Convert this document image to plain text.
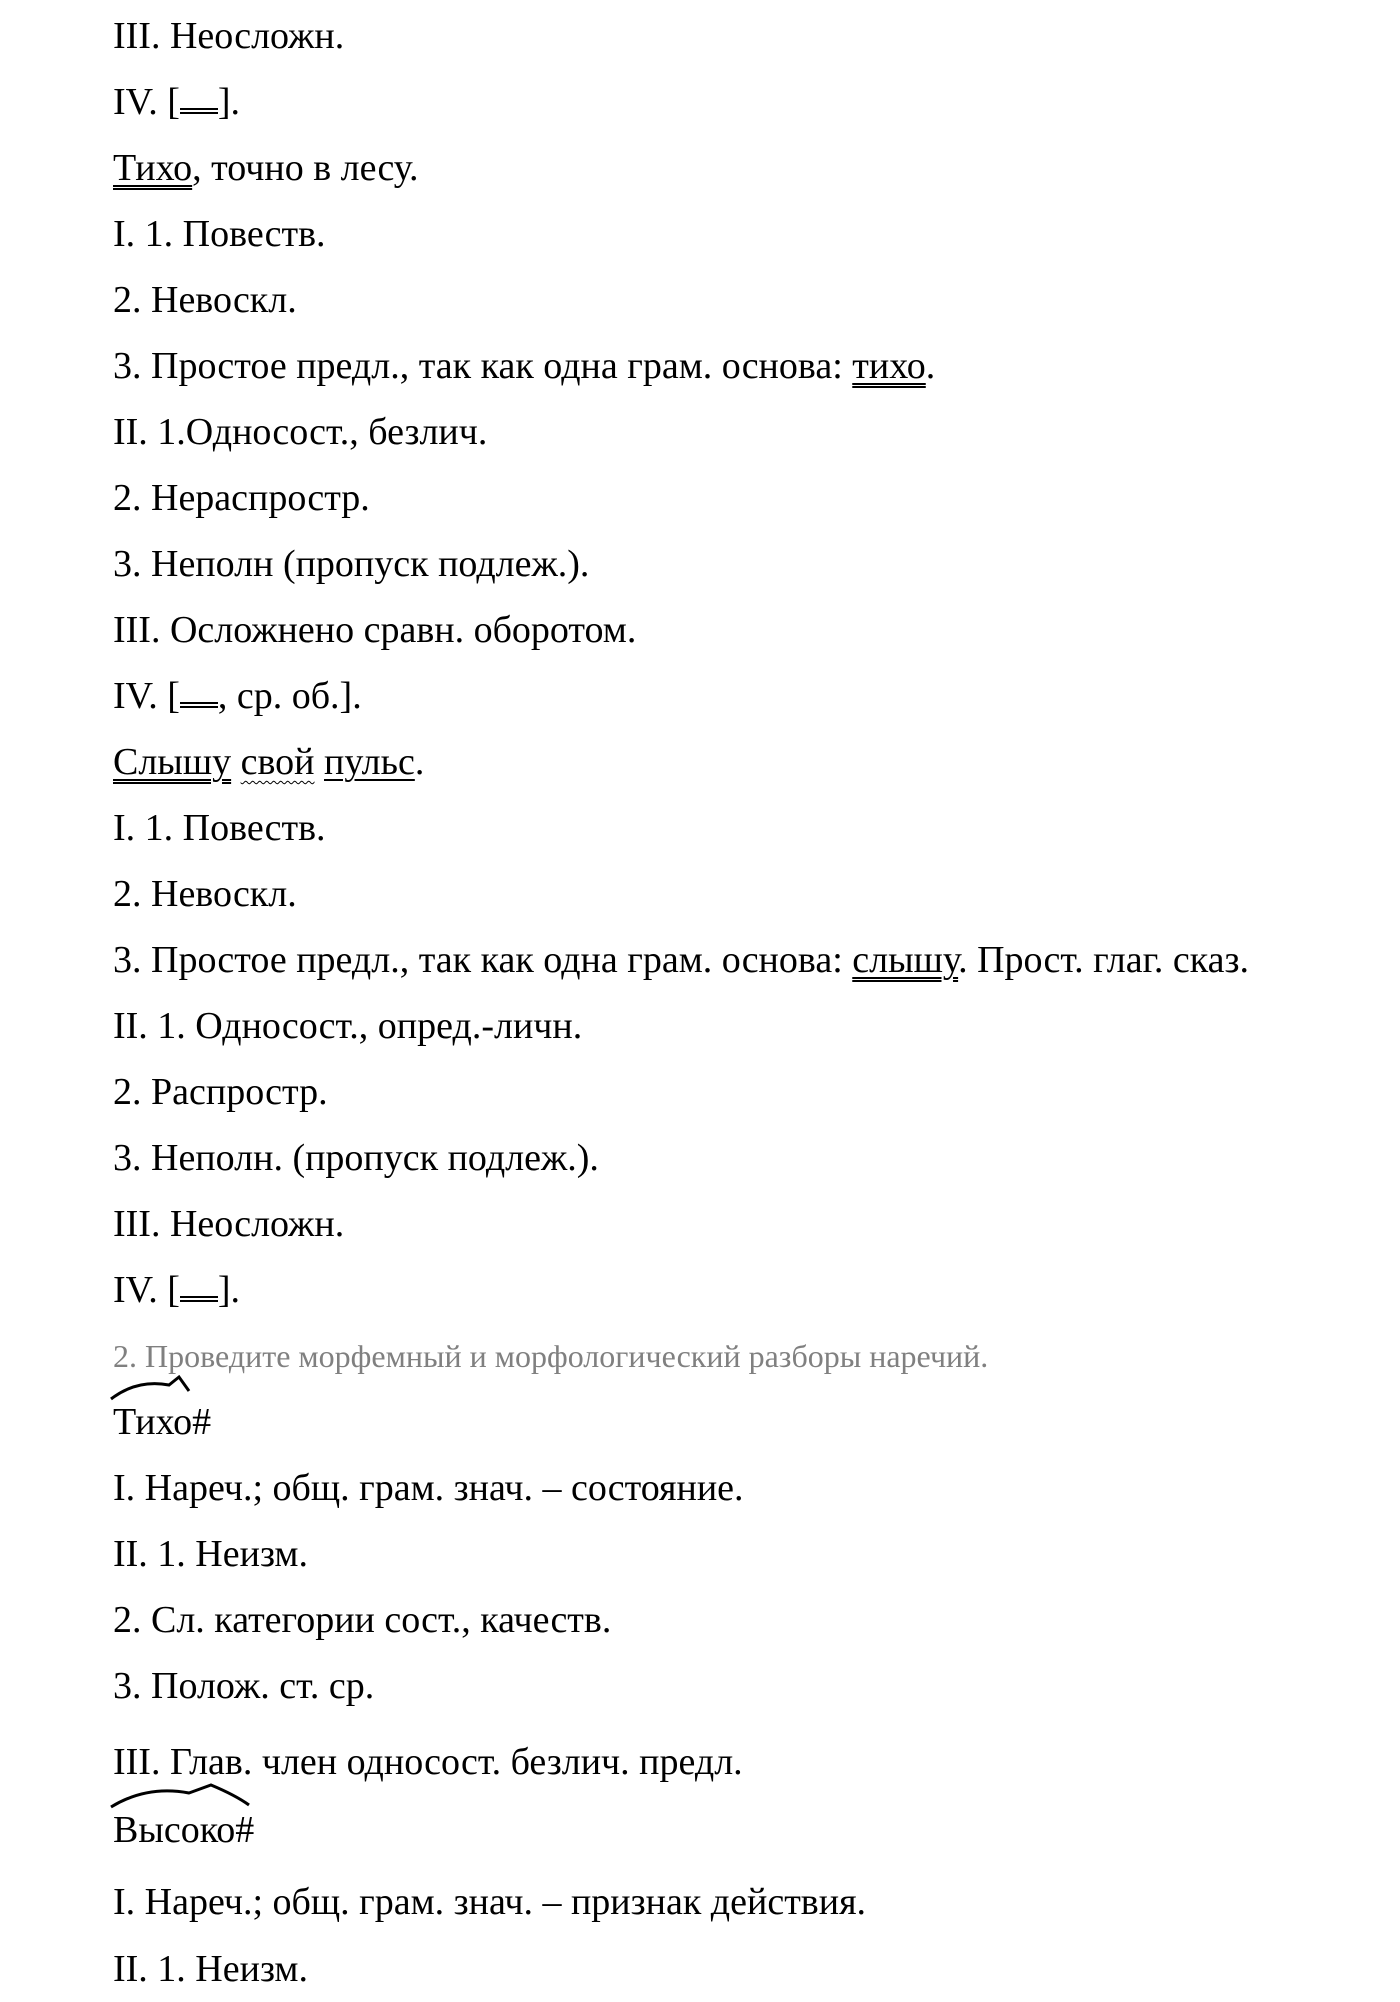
III. Неосложн.
IV. [ ].
Тихо, точно в лесу.
I. 1. Повеств.
2. Невоскл.
3. Простое предл., так как одна грам. основа: тихо.
II. 1.Односост., безлич.
2. Нераспростр.
3. Неполн (пропуск подлеж.).
III. Осложнено сравн. оборотом.
IV. [ , ср. об.].
Слышу свой пульс.
I. 1. Повеств.
2. Невоскл.
3. Простое предл., так как одна грам. основа: слышу. Прост. глаг. сказ.
II. 1. Односост., опред.-личн.
2. Распростр.
3. Неполн. (пропуск подлеж.).
III. Неосложн.
IV. [ ].
2. Проведите морфемный и морфологический разборы наречий.
Тихо#
I. Нареч.; общ. грам. знач. – состояние.
II. 1. Неизм.
2. Сл. категории сост., качеств.
3. Полож. ст. ср.
III. Глав. член односост. безлич. предл.
Высоко#
I. Нареч.; общ. грам. знач. – признак действия.
II. 1. Неизм.
